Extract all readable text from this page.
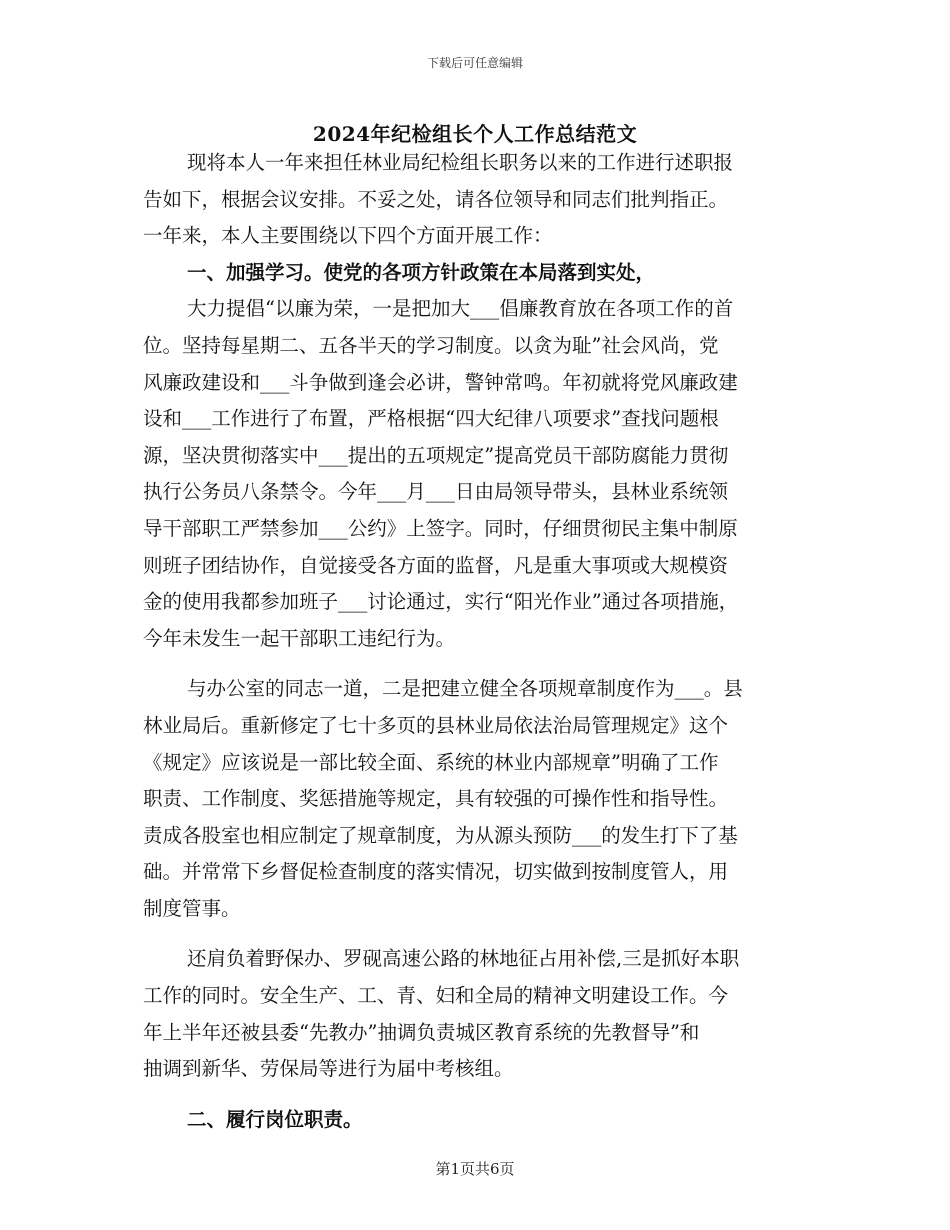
下载后可任意编辑
2024年纪检组长个人工作总结范文
现将本人一年来担任林业局纪检组长职务以来的工作进行述职报
告如下，根据会议安排。不妥之处，请各位领导和同志们批判指正。
一年来，本人主要围绕以下四个方面开展工作：
一、加强学习。使党的各项方针政策在本局落到实处，
大力提倡“以廉为荣，一是把加大___倡廉教育放在各项工作的首
位。坚持每星期二、五各半天的学习制度。以贪为耻”社会风尚，党
风廉政建设和___斗争做到逢会必讲，警钟常鸣。年初就将党风廉政建
设和___工作进行了布置，严格根据“四大纪律八项要求”查找问题根
源，坚决贯彻落实中___提出的五项规定”提高党员干部防腐能力贯彻
执行公务员八条禁令。今年___月___日由局领导带头，县林业系统领
导干部职工严禁参加___公约》上签字。同时，仔细贯彻民主集中制原
则班子团结协作，自觉接受各方面的监督，凡是重大事项或大规模资
金的使用我都参加班子___讨论通过，实行“阳光作业”通过各项措施，
今年未发生一起干部职工违纪行为。
与办公室的同志一道，二是把建立健全各项规章制度作为___。县
林业局后。重新修定了七十多页的县林业局依法治局管理规定》这个
《规定》应该说是一部比较全面、系统的林业内部规章”明确了工作
职责、工作制度、奖惩措施等规定，具有较强的可操作性和指导性。
责成各股室也相应制定了规章制度，为从源头预防___的发生打下了基
础。并常常下乡督促检查制度的落实情况，切实做到按制度管人，用
制度管事。
还肩负着野保办、罗砚高速公路的林地征占用补偿,三是抓好本职
工作的同时。安全生产、工、青、妇和全局的精神文明建设工作。今
年上半年还被县委“先教办”抽调负责城区教育系统的先教督导”和
抽调到新华、劳保局等进行为届中考核组。
二、履行岗位职责。
第1页共6页
